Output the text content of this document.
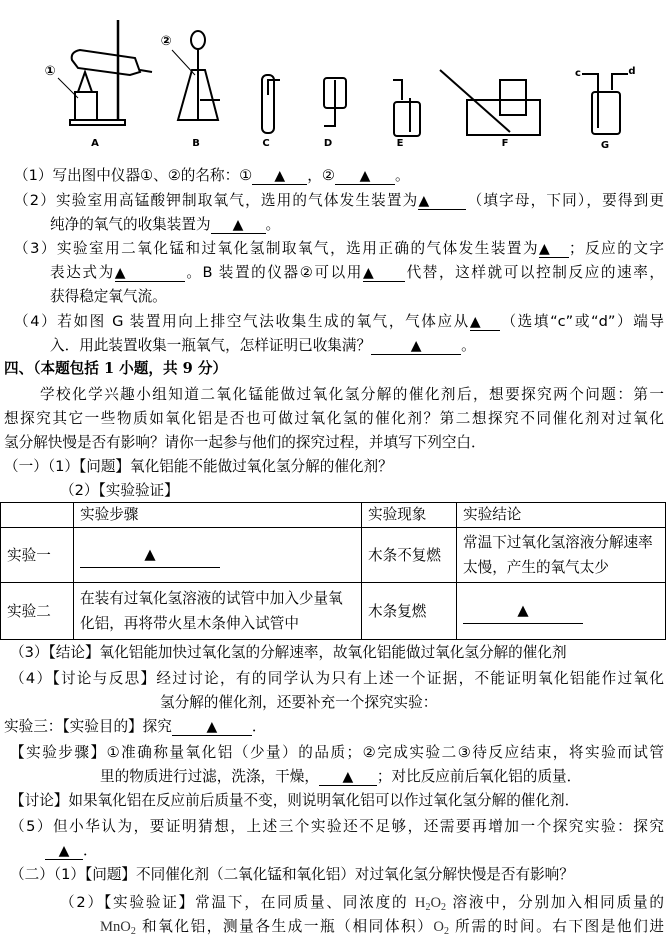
A	B	C	D	E	F	G
①
②
c	d
（1）写出图中仪器①、②的名称：① ▲ ，② ▲ 。
（2）实验室用高锰酸钾制取氧气，选用的气体发生装置为▲	（填字母，下同），要得到更
纯净的氧气的收集装置为 ▲ 。
（3）实验室用二氧化锰和过氧化氢制取氧气，选用正确的气体发生装置为▲ ；反应的文字
表达式为▲	。B 装置的仪器②可以用▲ 代替，这样就可以控制反应的速率，
获得稳定氧气流。
（4）若如图 G 装置用向上排空气法收集生成的氧气，气体应从▲ （选填“c”或“d”）端导
入．用此装置收集一瓶氧气，怎样证明已收集满？	▲	。
四、（本题包括 1 小题，共 9 分）
学校化学兴趣小组知道二氧化锰能做过氧化氢分解的催化剂后，想要探究两个问题：第一
想探究其它一些物质如氧化铝是否也可做过氧化氢的催化剂？第二想探究不同催化剂对过氧化
氢分解快慢是否有影响？请你一起参与他们的探究过程，并填写下列空白．
（一）（1）【问题】氧化铝能不能做过氧化氢分解的催化剂？
（2）【实验验证】
（3）【结论】氧化铝能加快过氧化氢的分解速率，故氧化铝能做过氧化氢分解的催化剂
（4）【讨论与反思】经过讨论，有的同学认为只有上述一个证据，不能证明氧化铝能作过氧化
氢分解的催化剂，还要补充一个探究实验：
实验三：【实验目的】探究 ▲ ．
【实验步骤】①准确称量氧化铝（少量）的品质；②完成实验二③待反应结束，将实验而试管
里的物质进行过滤，洗涤，干燥， ▲ ；对比反应前后氧化铝的质量．
【讨论】如果氧化铝在反应前后质量不变，则说明氧化铝可以作过氧化氢分解的催化剂．
（5）但小华认为，要证明猜想，上述三个实验还不足够，还需要再增加一个探究实验：探究
▲ ．
（二）（1）【问题】不同催化剂（二氧化锰和氧化铝）对过氧化氢分解快慢是否有影响？
（2）【实验验证】常温下，在同质量、同浓度的 $H_2O_2$ 溶液中，分别加入相同质量的
MnO$_2$ 和氧化铝，测量各生成一瓶（相同体积）$O_2$ 所需的时间。右下图是他们进
	实验步骤	实验现象	实验结论
实验一	▲	木条不复燃	常温下过氧化氢溶液分解速率太慢，产生的氧气太少
实验二	在装有过氧化氢溶液的试管中加入少量氧化铝，再将带火星木条伸入试管中	木条复燃	▲
